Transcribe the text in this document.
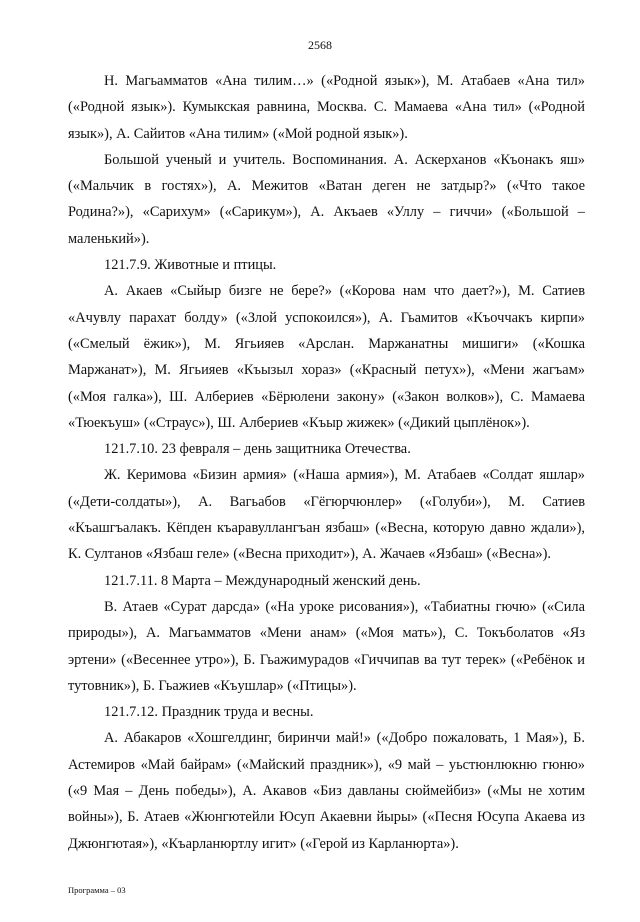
2568

Н. Магьамматов «Ана тилим…» («Родной язык»), М. Атабаев «Ана тил» («Родной язык»). Кумыкская равнина, Москва. С. Мамаева «Ана тил» («Родной язык»), А. Сайитов «Ана тилим» («Мой родной язык»).

Большой ученый и учитель. Воспоминания. А. Аскерханов «Къонакъ яш» («Мальчик в гостях»), А. Межитов «Ватан деген не затдыр?» («Что такое Родина?»), «Сарихум» («Сарикум»), А. Акъаев «Уллу – гиччи» («Большой – маленький»).

121.7.9. Животные и птицы.

А. Акаев «Сыйыр бизге не бере?» («Корова нам что дает?»), М. Сатиев «Ачувлу парахат болду» («Злой успокоился»), А. Гьамитов «Къоччакъ кирпи» («Смелый ёжик»), М. Ягьияев «Арслан. Маржанатны мишиги» («Кошка Маржанат»), М. Ягьияев «Къызыл хораз» («Красный петух»), «Мени жагъам» («Моя галка»), Ш. Албериев «Бёрюлени закону» («Закон волков»), С. Мамаева «Тюекъуш» («Страус»), Ш. Албериев «Къыр жижек» («Дикий цыплёнок»).

121.7.10. 23 февраля – день защитника Отечества.

Ж. Керимова «Бизин армия» («Наша армия»), М. Атабаев «Солдат яшлар» («Дети-солдаты»), А. Вагьабов «Гёгюрчюнлер» («Голуби»), М. Сатиев «Къашгъалакъ. Кёпден къаравуллангъан язбаш» («Весна, которую давно ждали»), К. Султанов «Язбаш геле» («Весна приходит»), А. Жачаев «Язбаш» («Весна»).

121.7.11. 8 Марта – Международный женский день.

В. Атаев «Сурат дарсда» («На уроке рисования»), «Табиатны гючю» («Сила природы»), А. Магьамматов «Мени анам» («Моя мать»), С. Токъболатов «Яз эртени» («Весеннее утро»), Б. Гьажимурадов «Гиччипав ва тут терек» («Ребёнок и тутовник»), Б. Гьажиев «Къушлар» («Птицы»).

121.7.12. Праздник труда и весны.

А. Абакаров «Хошгелдинг, биринчи май!» («Добро пожаловать, 1 Мая»), Б. Астемиров «Май байрам» («Майский праздник»), «9 май – уьстюнлюкню гюню» («9 Мая – День победы»), А. Акавов «Биз давланы сюймейбиз» («Мы не хотим войны»), Б. Атаев «Жюнгютейли Юсуп Акаевни йыры» («Песня Юсупа Акаева из Джюнгютая»), «Къарланюртлу игит» («Герой из Карланюрта»).

Программа – 03
